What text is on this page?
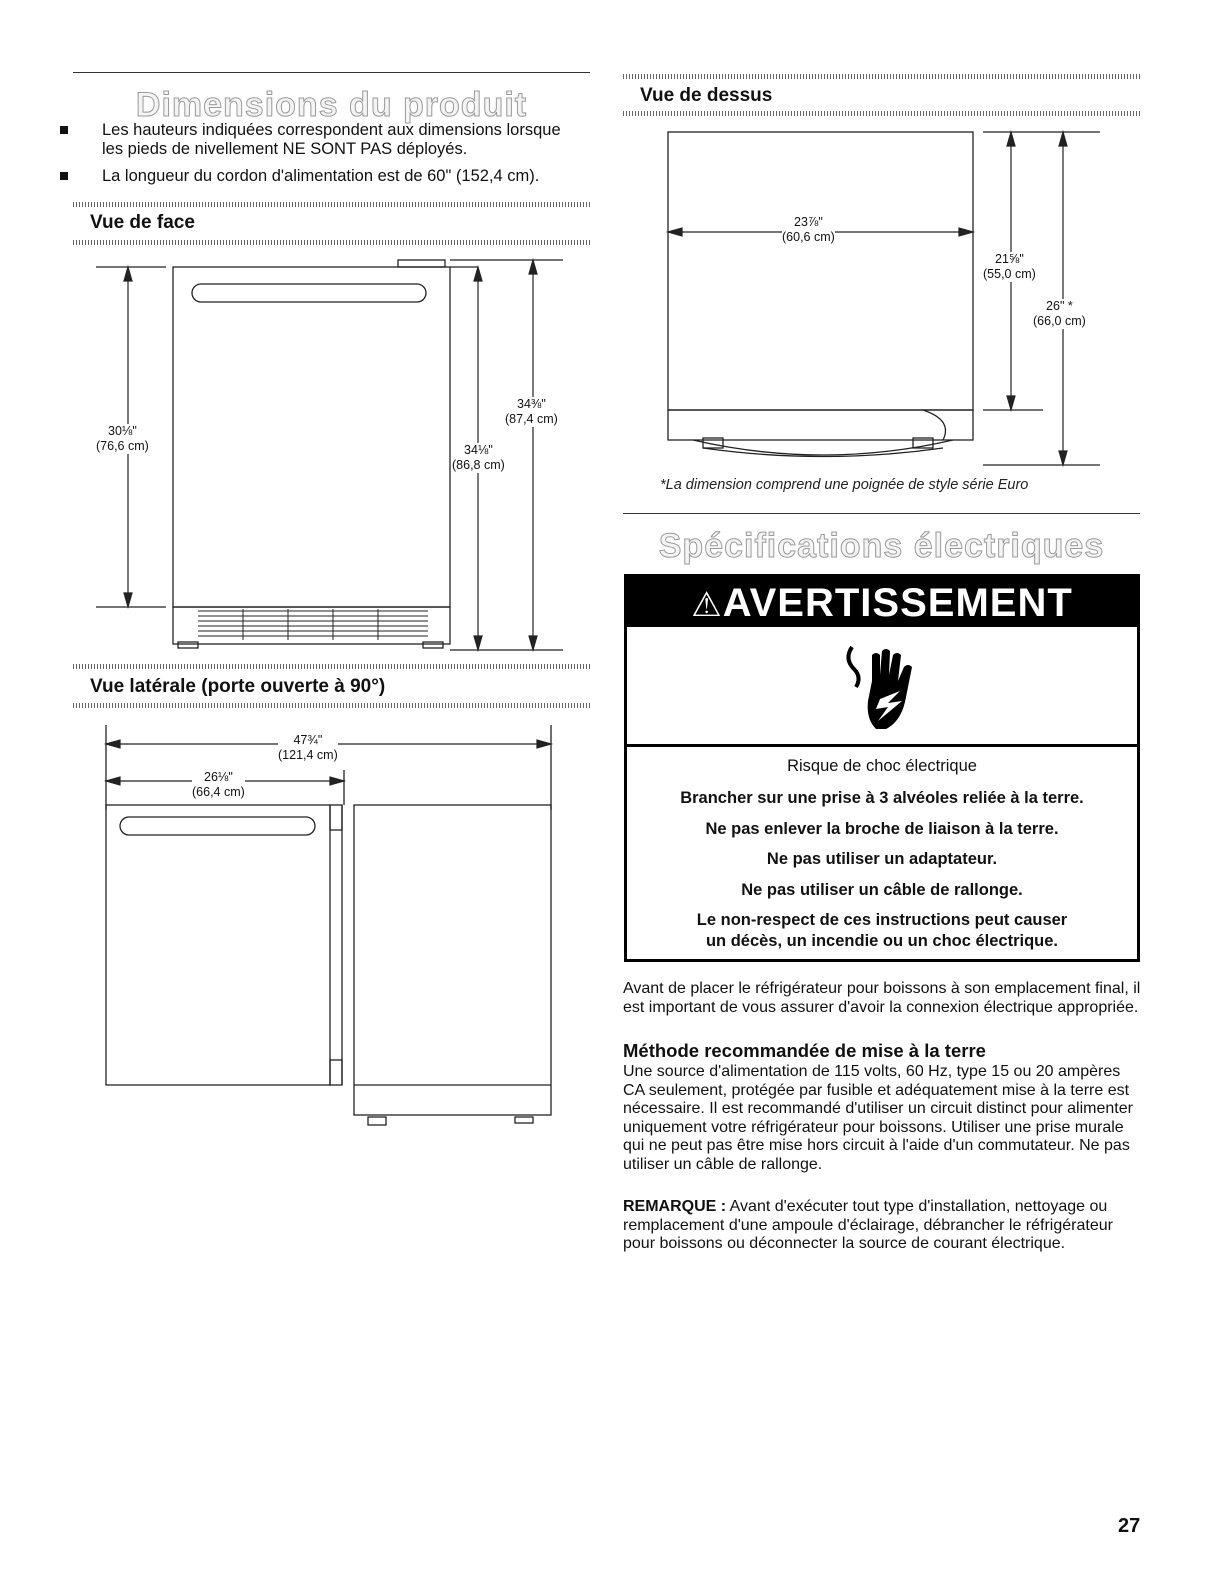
Dimensions du produit
Les hauteurs indiquées correspondent aux dimensions lorsque les pieds de nivellement NE SONT PAS déployés.
La longueur du cordon d'alimentation est de 60" (152,4 cm).
Vue de face
30⅛"
(76,6 cm)	34⅛"
(86,8 cm)
34⅜"
(87,4 cm)
Vue latérale (porte ouverte à 90°)
47¾"
(121,4 cm)
26⅛"
(66,4 cm)
Vue de dessus
23⅞"
(60,6 cm)
21⅝"
(55,0 cm)
26" *
(66,0 cm)
*La dimension comprend une poignée de style série Euro
Spécifications électriques
⚠AVERTISSEMENT
Risque de choc électrique
Brancher sur une prise à 3 alvéoles reliée à la terre.
Ne pas enlever la broche de liaison à la terre.
Ne pas utiliser un adaptateur.
Ne pas utiliser un câble de rallonge.
Le non-respect de ces instructions peut causer
un décès, un incendie ou un choc électrique.
Avant de placer le réfrigérateur pour boissons à son emplacement final, il est important de vous assurer d'avoir la connexion électrique appropriée.
Méthode recommandée de mise à la terre
Une source d'alimentation de 115 volts, 60 Hz, type 15 ou 20 ampères CA seulement, protégée par fusible et adéquatement mise à la terre est nécessaire. Il est recommandé d'utiliser un circuit distinct pour alimenter uniquement votre réfrigérateur pour boissons. Utiliser une prise murale qui ne peut pas être mise hors circuit à l'aide d'un commutateur. Ne pas utiliser un câble de rallonge.
REMARQUE : Avant d'exécuter tout type d'installation, nettoyage ou remplacement d'une ampoule d'éclairage, débrancher le réfrigérateur pour boissons ou déconnecter la source de courant électrique.
27
